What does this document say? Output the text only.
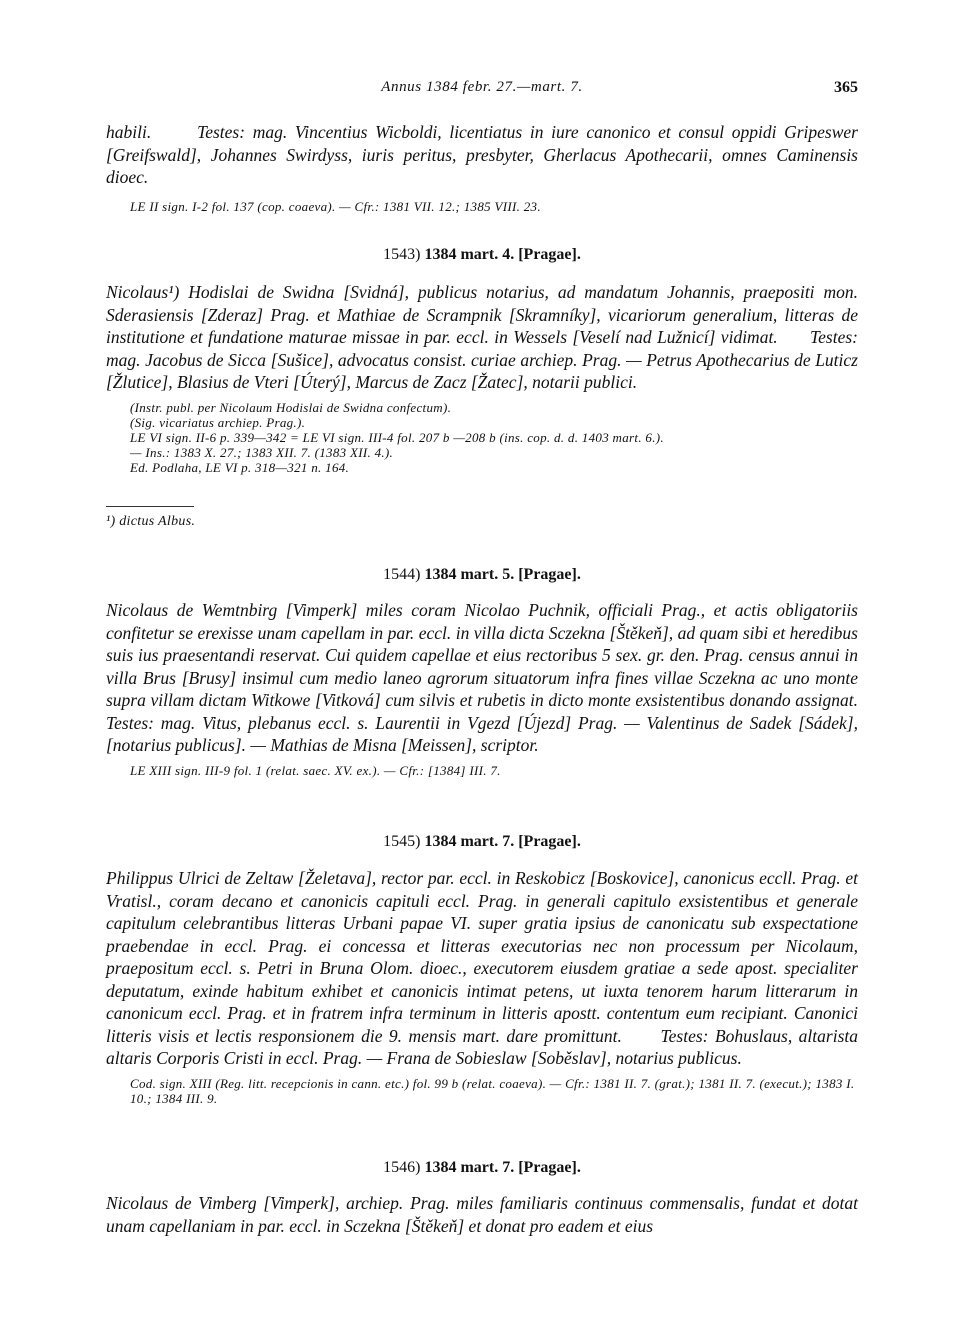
Annus 1384 febr. 27.—mart. 7.	365

habili.      Testes: mag. Vincentius Wicboldi, licentiatus in iure canonico et consul oppidi Gripeswer [Greifswald], Johannes Swirdyss, iuris peritus, presbyter, Gherlacus Apothecarii, omnes Caminensis dioec.

LE II sign. I-2 fol. 137 (cop. coaeva). — Cfr.: 1381 VII. 12.; 1385 VIII. 23.

1543) 1384 mart. 4. [Pragae].

Nicolaus¹) Hodislai de Swidna [Svidná], publicus notarius, ad mandatum Johannis, praepositi mon. Sderasiensis [Zderaz] Prag. et Mathiae de Scrampnik [Skramníky], vicariorum generalium, litteras de institutione et fundatione maturae missae in par. eccl. in Wessels [Veselí nad Lužnicí] vidimat.      Testes: mag. Jacobus de Sicca [Sušice], advocatus consist. curiae archiep. Prag. — Petrus Apothecarius de Luticz [Žlutice], Blasius de Vteri [Úterý], Marcus de Zacz [Žatec], notarii publici.

(Instr. publ. per Nicolaum Hodislai de Swidna confectum).

(Sig. vicariatus archiep. Prag.).

LE VI sign. II-6 p. 339—342 = LE VI sign. III-4 fol. 207 b —208 b (ins. cop. d. d. 1403 mart. 6.).

— Ins.: 1383 X. 27.; 1383 XII. 7. (1383 XII. 4.).

Ed. Podlaha, LE VI p. 318—321 n. 164.

¹) dictus Albus.

1544) 1384 mart. 5. [Pragae].

Nicolaus de Wemtnbirg [Vimperk] miles coram Nicolao Puchnik, officiali Prag., et actis obligatoriis confitetur se erexisse unam capellam in par. eccl. in villa dicta Sczekna [Štěkeň], ad quam sibi et heredibus suis ius praesentandi reservat. Cui quidem capellae et eius rectoribus 5 sex. gr. den. Prag. census annui in villa Brus [Brusy] insimul cum medio laneo agrorum situatorum infra fines villae Sczekna ac uno monte supra villam dictam Witkowe [Vitková] cum silvis et rubetis in dicto monte exsistentibus donando assignat.      Testes: mag. Vitus, plebanus eccl. s. Laurentii in Vgezd [Újezd] Prag. — Valentinus de Sadek [Sádek], [notarius publicus]. — Mathias de Misna [Meissen], scriptor.

LE XIII sign. III-9 fol. 1 (relat. saec. XV. ex.). — Cfr.: [1384] III. 7.

1545) 1384 mart. 7. [Pragae].

Philippus Ulrici de Zeltaw [Želetava], rector par. eccl. in Reskobicz [Boskovice], canonicus eccll. Prag. et Vratisl., coram decano et canonicis capituli eccl. Prag. in generali capitulo exsistentibus et generale capitulum celebrantibus litteras Urbani papae VI. super gratia ipsius de canonicatu sub exspectatione praebendae in eccl. Prag. ei concessa et litteras executorias nec non processum per Nicolaum, praepositum eccl. s. Petri in Bruna Olom. dioec., executorem eiusdem gratiae a sede apost. specialiter deputatum, exinde habitum exhibet et canonicis intimat petens, ut iuxta tenorem harum litterarum in canonicum eccl. Prag. et in fratrem infra terminum in litteris apostt. contentum eum recipiant. Canonici litteris visis et lectis responsionem die 9. mensis mart. dare promittunt.      Testes: Bohuslaus, altarista altaris Corporis Cristi in eccl. Prag. — Frana de Sobieslaw [Soběslav], notarius publicus.

Cod. sign. XIII (Reg. litt. recepcionis in cann. etc.) fol. 99 b (relat. coaeva). — Cfr.: 1381 II. 7. (grat.); 1381 II. 7. (execut.); 1383 I. 10.; 1384 III. 9.

1546) 1384 mart. 7. [Pragae].

Nicolaus de Vimberg [Vimperk], archiep. Prag. miles familiaris continuus commensalis, fundat et dotat unam capellaniam in par. eccl. in Sczekna [Štěkeň] et donat pro eadem et eius
